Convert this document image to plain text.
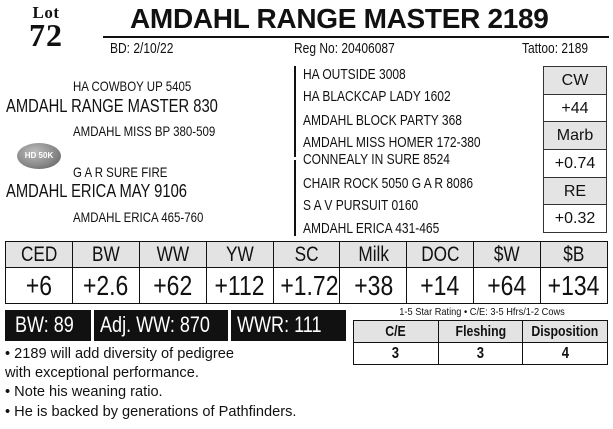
Lot
72	AMDAHL RANGE MASTER 2189
BD: 2/10/22	Reg No: 20406087	Tattoo: 2189
HA COWBOY UP 5405
AMDAHL RANGE MASTER 830
AMDAHL MISS BP 380-509
HD 50K
G A R SURE FIRE
AMDAHL ERICA MAY 9106
AMDAHL ERICA 465-760
HA OUTSIDE 3008
HA BLACKCAP LADY 1602
AMDAHL BLOCK PARTY 368
AMDAHL MISS HOMER 172-380
CONNEALY IN SURE 8524
CHAIR ROCK 5050 G A R 8086
S A V PURSUIT 0160
AMDAHL ERICA 431-465
CW
+44
Marb
+0.74
RE
+0.32
CED	BW	WW	YW	SC	Milk	DOC	$W	$B
+6	+2.6	+62	+112	+1.72	+38	+14	+64	+134
BW: 89 Adj. WW: 870 WWR: 111	1-5 Star Rating • C/E: 3-5 Hfrs/1-2 Cows
C/E	Fleshing	Disposition
3	3	4
• 2189 will add diversity of pedigree
with exceptional performance.
• Note his weaning ratio.
• He is backed by generations of Pathfinders.
